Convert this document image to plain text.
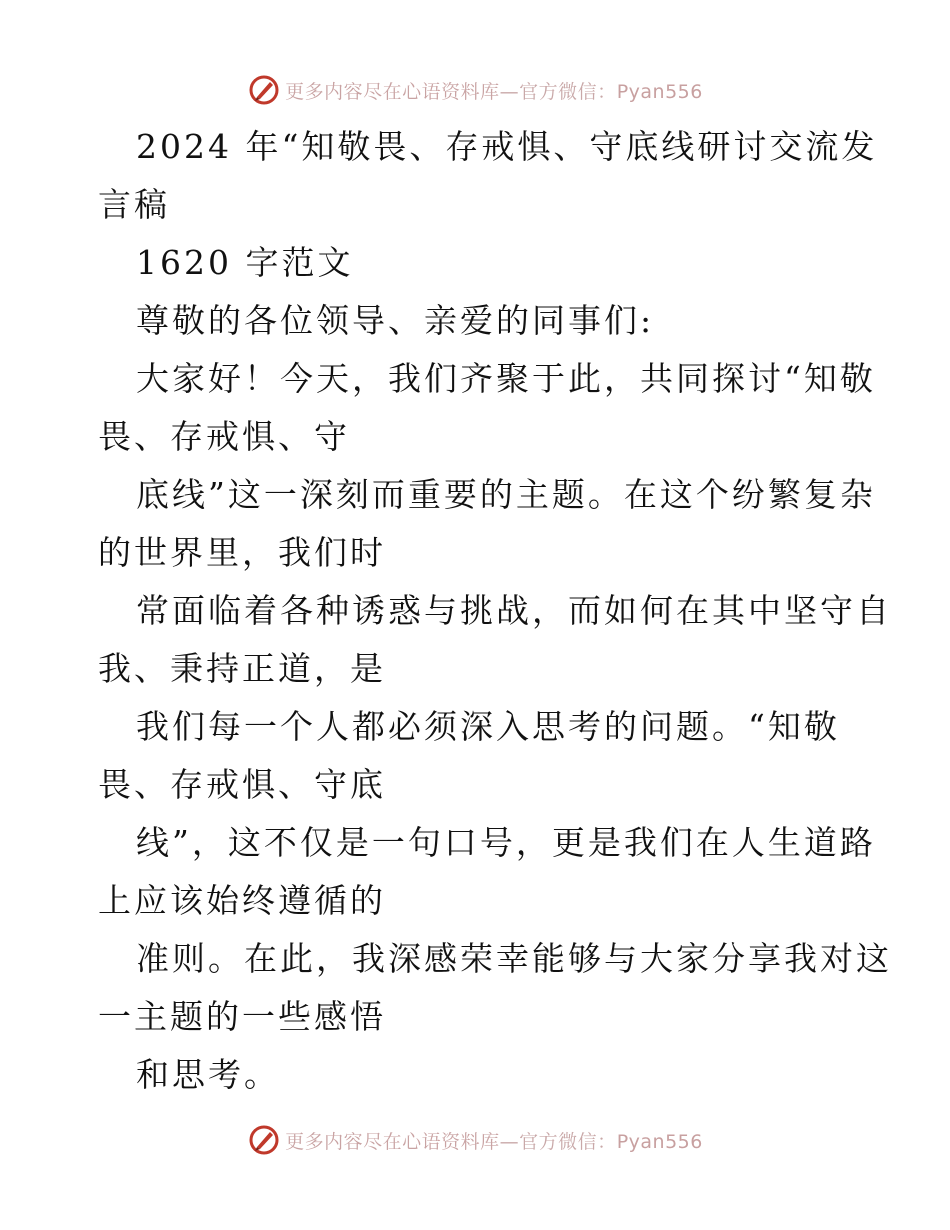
更多内容尽在心语资料库—官方微信：Pyan556
2024 年“知敬畏、存戒惧、守底线研讨交流发
言稿
1620 字范文
尊敬的各位领导、亲爱的同事们:
大家好！今天，我们齐聚于此，共同探讨“知敬
畏、存戒惧、守
底线”这一深刻而重要的主题。在这个纷繁复杂
的世界里，我们时
常面临着各种诱惑与挑战，而如何在其中坚守自
我、秉持正道，是
我们每一个人都必须深入思考的问题。“知敬
畏、存戒惧、守底
线”，这不仅是一句口号，更是我们在人生道路
上应该始终遵循的
准则。在此，我深感荣幸能够与大家分享我对这
一主题的一些感悟
和思考。
更多内容尽在心语资料库—官方微信：Pyan556
